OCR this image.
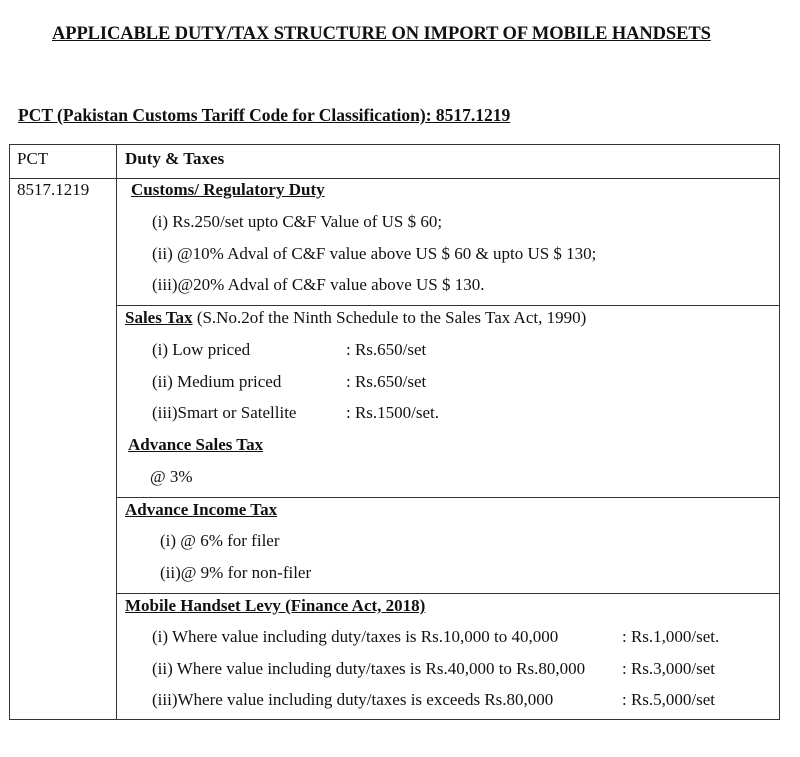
APPLICABLE DUTY/TAX STRUCTURE ON IMPORT OF MOBILE HANDSETS
PCT (Pakistan Customs Tariff Code for Classification): 8517.1219
PCT	Duty & Taxes
8517.1219 Customs/ Regulatory Duty
(i) Rs.250/set upto C&F Value of US $ 60;
(ii) @10% Adval of C&F value above US $ 60 & upto US $ 130;
(iii)@20% Adval of C&F value above US $ 130.
Sales Tax (S.No.2of the Ninth Schedule to the Sales Tax Act, 1990)
(i) Low priced	: Rs.650/set
(ii) Medium priced	: Rs.650/set
(iii)Smart or Satellite	: Rs.1500/set.
Advance Sales Tax
@ 3%
Advance Income Tax
(i) @ 6% for filer
(ii)@ 9% for non-filer
Mobile Handset Levy (Finance Act, 2018)
(i) Where value including duty/taxes is Rs.10,000 to 40,000	: Rs.1,000/set.
(ii) Where value including duty/taxes is Rs.40,000 to Rs.80,000 : Rs.3,000/set
(iii)Where value including duty/taxes is exceeds Rs.80,000	: Rs.5,000/set
